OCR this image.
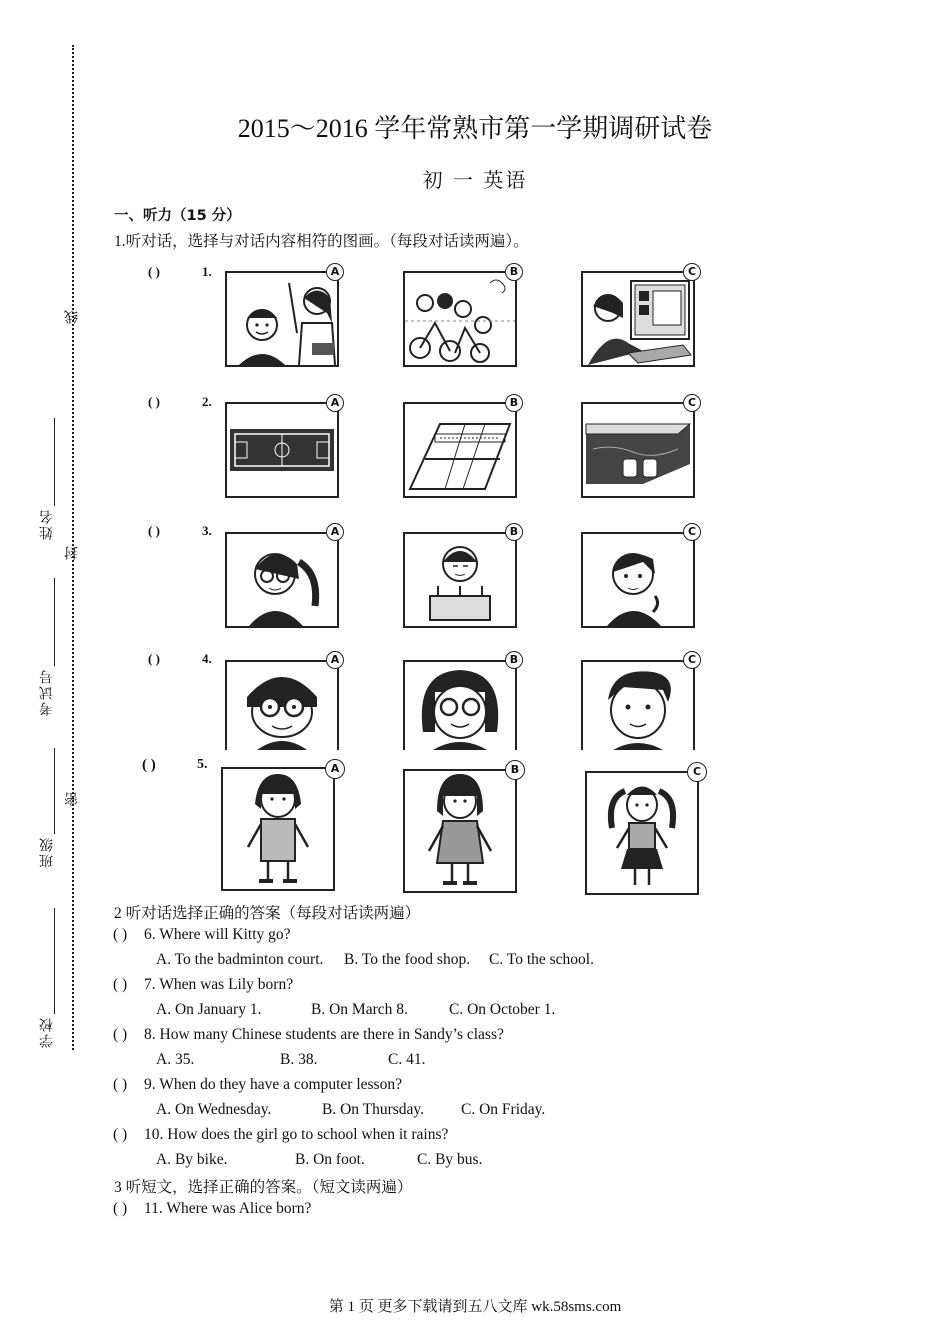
线
封
密
姓名
考试号
班级
学校
2015～2016 学年常熟市第一学期调研试卷
初 一 英语
一、听力（15 分）
1.听对话，选择与对话内容相符的图画。（每段对话读两遍）。
( )	1.	A	B	C
( )	2.	A	B	C
( )	3.	A	B	C
( )	4.	A	B	C
( )	5.	A	B	C
2 听对话选择正确的答案（每段对话读两遍）
( ) 6. Where will Kitty go?
A. To the badminton court. B. To the food shop. C. To the school.
( ) 7. When was Lily born?
A. On January 1.	B. On March 8.	C. On October 1.
( ) 8. How many Chinese students are there in Sandy’s class?
A. 35.	B. 38.	C. 41.
( ) 9. When do they have a computer lesson?
A. On Wednesday.	B. On Thursday. C. On Friday.
( ) 10. How does the girl go to school when it rains?
A. By bike.	B. On foot.	C. By bus.
3 听短文，选择正确的答案。（短文读两遍）
( ) 11. Where was Alice born?
第 1 页 更多下载请到五八文库 wk.58sms.com
